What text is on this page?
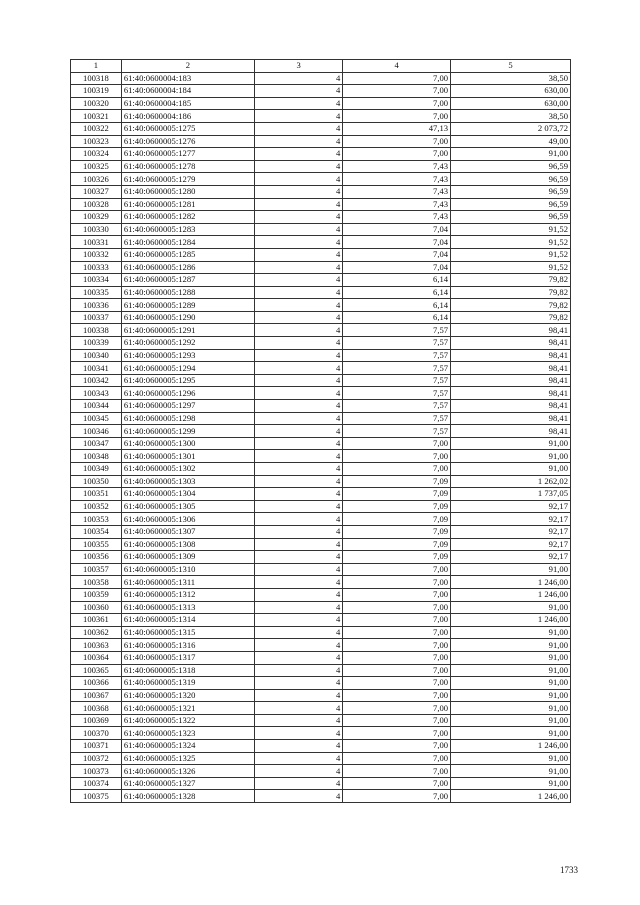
1	2	3	4	5
100318	61:40:0600004:183	4	7,00	38,50
100319	61:40:0600004:184	4	7,00	630,00
100320	61:40:0600004:185	4	7,00	630,00
100321	61:40:0600004:186	4	7,00	38,50
100322	61:40:0600005:1275	4	47,13	2 073,72
100323	61:40:0600005:1276	4	7,00	49,00
100324	61:40:0600005:1277	4	7,00	91,00
100325	61:40:0600005:1278	4	7,43	96,59
100326	61:40:0600005:1279	4	7,43	96,59
100327	61:40:0600005:1280	4	7,43	96,59
100328	61:40:0600005:1281	4	7,43	96,59
100329	61:40:0600005:1282	4	7,43	96,59
100330	61:40:0600005:1283	4	7,04	91,52
100331	61:40:0600005:1284	4	7,04	91,52
100332	61:40:0600005:1285	4	7,04	91,52
100333	61:40:0600005:1286	4	7,04	91,52
100334	61:40:0600005:1287	4	6,14	79,82
100335	61:40:0600005:1288	4	6,14	79,82
100336	61:40:0600005:1289	4	6,14	79,82
100337	61:40:0600005:1290	4	6,14	79,82
100338	61:40:0600005:1291	4	7,57	98,41
100339	61:40:0600005:1292	4	7,57	98,41
100340	61:40:0600005:1293	4	7,57	98,41
100341	61:40:0600005:1294	4	7,57	98,41
100342	61:40:0600005:1295	4	7,57	98,41
100343	61:40:0600005:1296	4	7,57	98,41
100344	61:40:0600005:1297	4	7,57	98,41
100345	61:40:0600005:1298	4	7,57	98,41
100346	61:40:0600005:1299	4	7,57	98,41
100347	61:40:0600005:1300	4	7,00	91,00
100348	61:40:0600005:1301	4	7,00	91,00
100349	61:40:0600005:1302	4	7,00	91,00
100350	61:40:0600005:1303	4	7,09	1 262,02
100351	61:40:0600005:1304	4	7,09	1 737,05
100352	61:40:0600005:1305	4	7,09	92,17
100353	61:40:0600005:1306	4	7,09	92,17
100354	61:40:0600005:1307	4	7,09	92,17
100355	61:40:0600005:1308	4	7,09	92,17
100356	61:40:0600005:1309	4	7,09	92,17
100357	61:40:0600005:1310	4	7,00	91,00
100358	61:40:0600005:1311	4	7,00	1 246,00
100359	61:40:0600005:1312	4	7,00	1 246,00
100360	61:40:0600005:1313	4	7,00	91,00
100361	61:40:0600005:1314	4	7,00	1 246,00
100362	61:40:0600005:1315	4	7,00	91,00
100363	61:40:0600005:1316	4	7,00	91,00
100364	61:40:0600005:1317	4	7,00	91,00
100365	61:40:0600005:1318	4	7,00	91,00
100366	61:40:0600005:1319	4	7,00	91,00
100367	61:40:0600005:1320	4	7,00	91,00
100368	61:40:0600005:1321	4	7,00	91,00
100369	61:40:0600005:1322	4	7,00	91,00
100370	61:40:0600005:1323	4	7,00	91,00
100371	61:40:0600005:1324	4	7,00	1 246,00
100372	61:40:0600005:1325	4	7,00	91,00
100373	61:40:0600005:1326	4	7,00	91,00
100374	61:40:0600005:1327	4	7,00	91,00
100375	61:40:0600005:1328	4	7,00	1 246,00
1733
